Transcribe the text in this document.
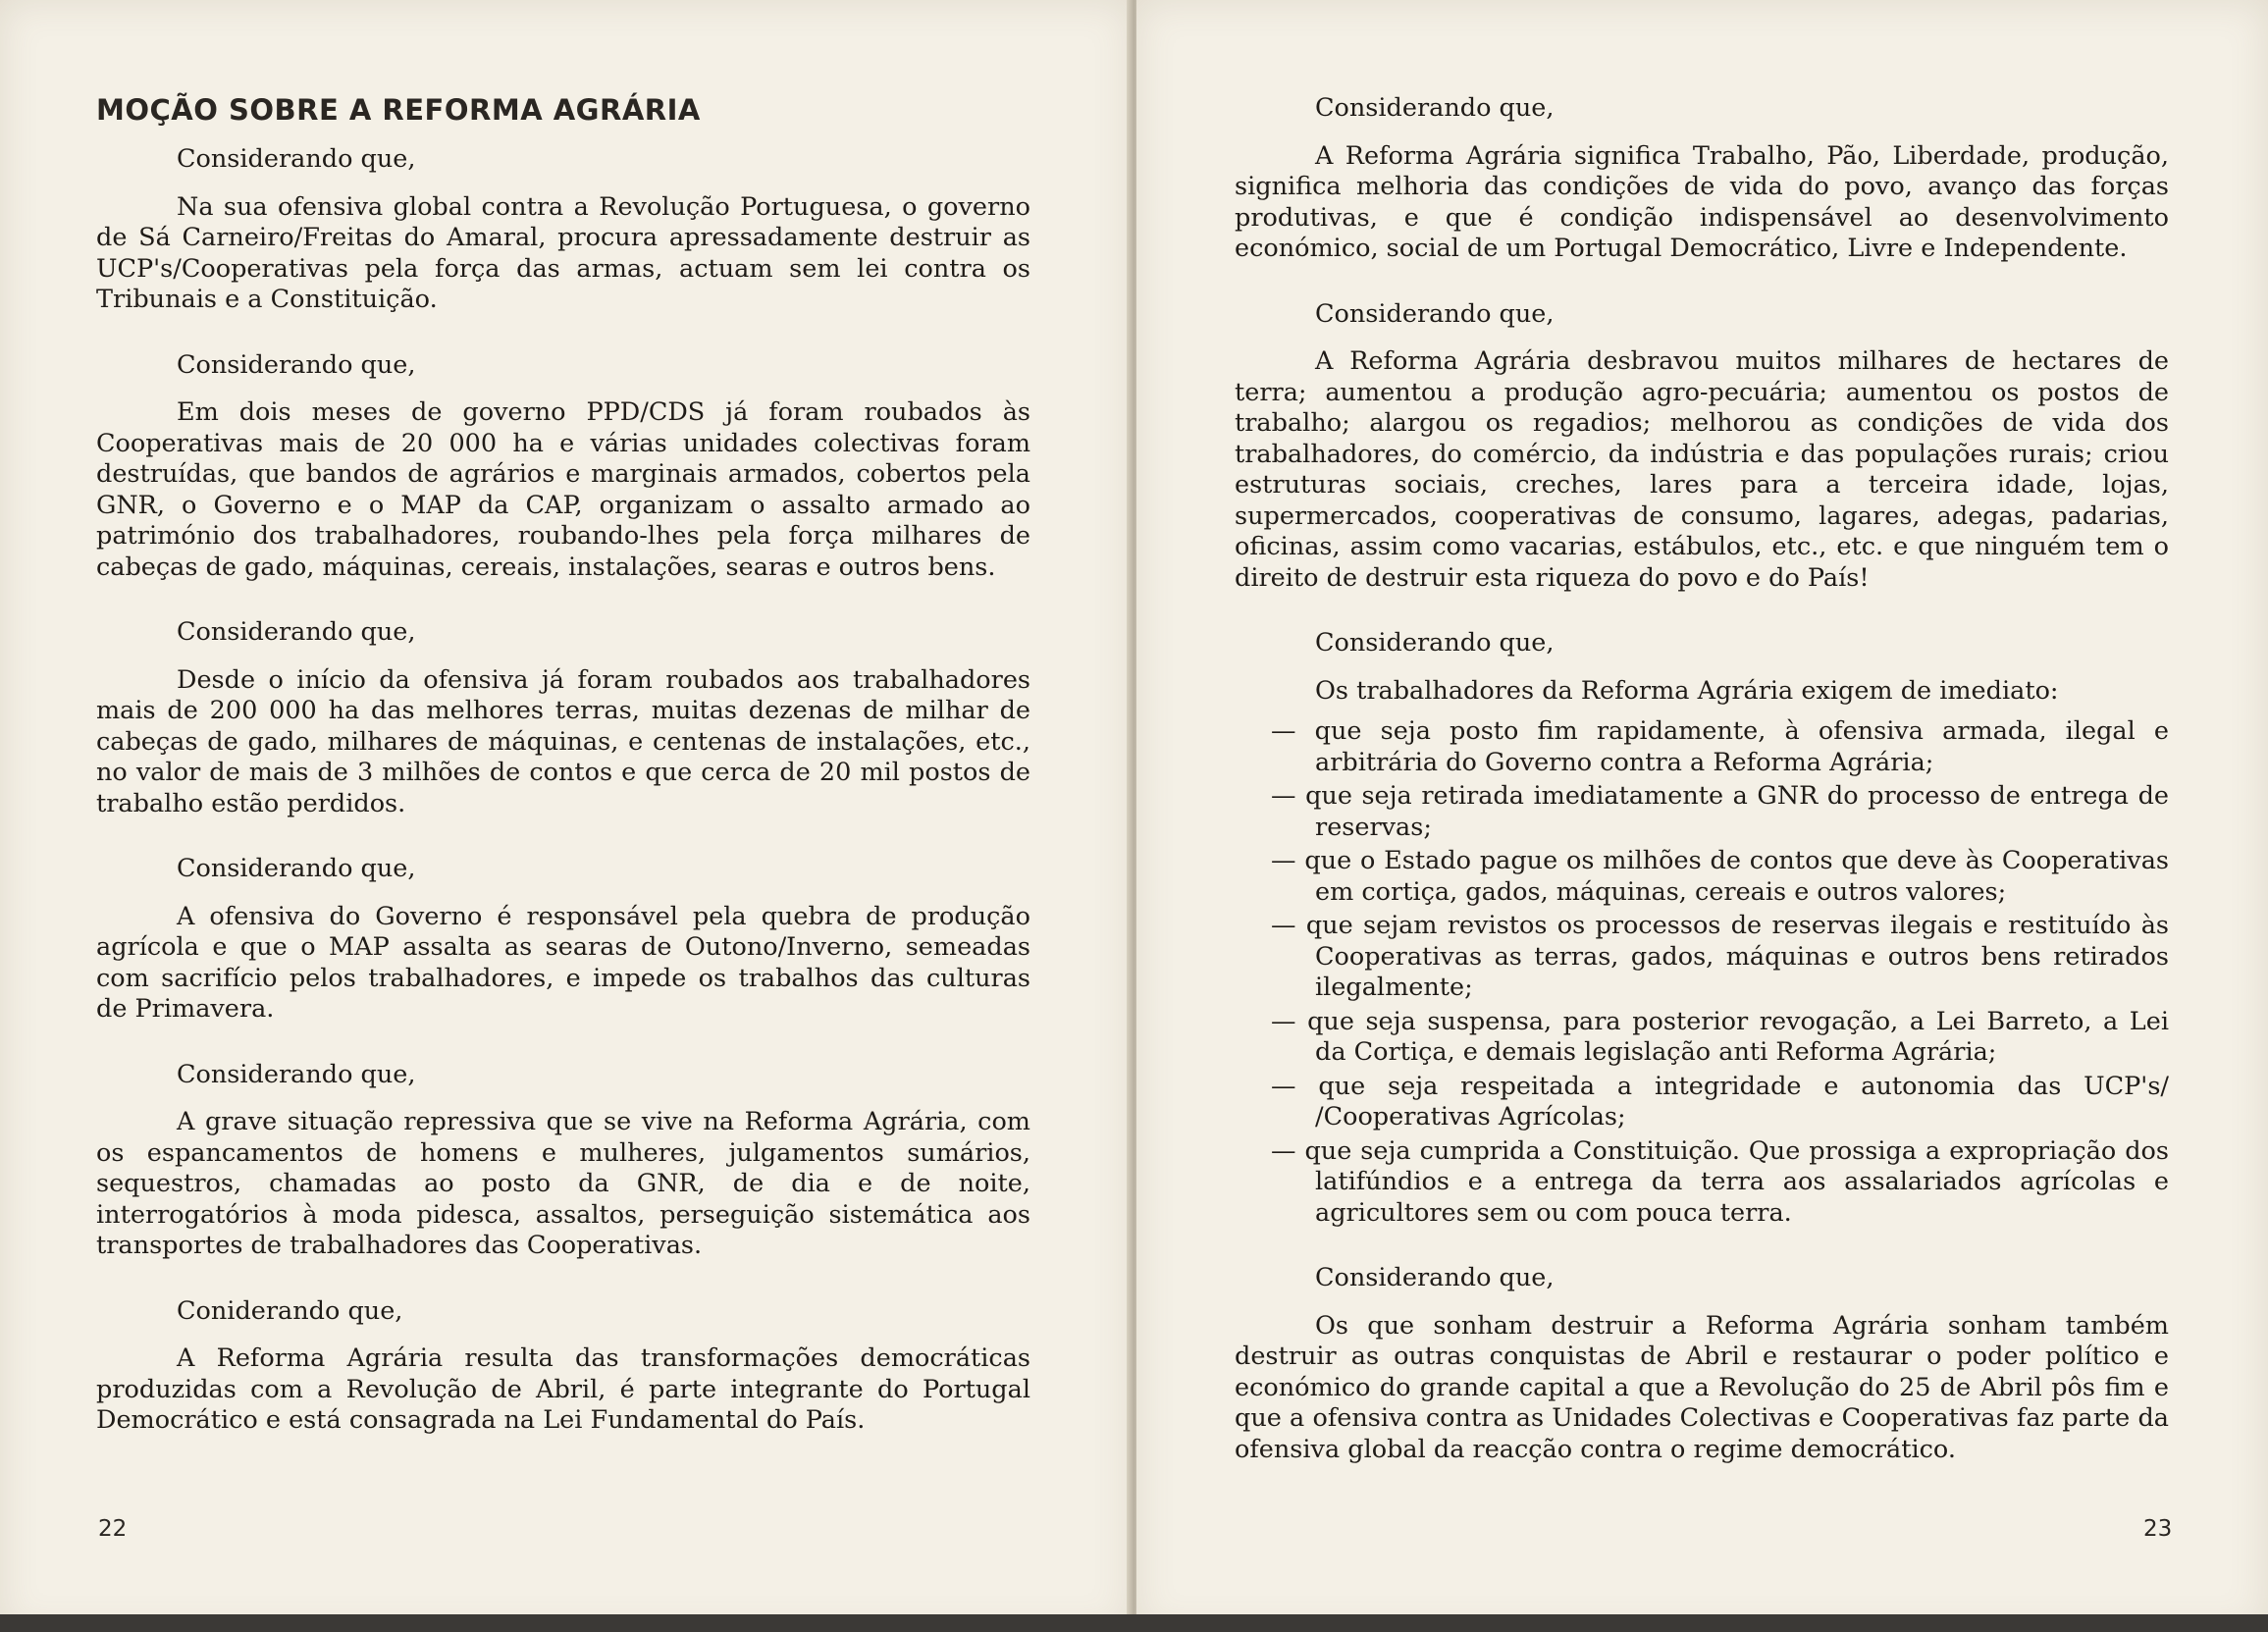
MOÇÃO SOBRE A REFORMA AGRÁRIA

Considerando que,

Na sua ofensiva global contra a Revolução Portuguesa, o governo de Sá Carneiro/Freitas do Amaral, procura apressadamente destruir as UCP's/Cooperativas pela força das armas, actuam sem lei contra os Tribunais e a Constituição.

Considerando que,

Em dois meses de governo PPD/CDS já foram roubados às Cooperativas mais de 20 000 ha e várias unidades colectivas foram destruídas, que bandos de agrários e marginais armados, cobertos pela GNR, o Governo e o MAP da CAP, organizam o assalto armado ao património dos trabalhadores, roubando-lhes pela força milhares de cabeças de gado, máquinas, cereais, instalações, searas e outros bens.

Considerando que,

Desde o início da ofensiva já foram roubados aos trabalhadores mais de 200 000 ha das melhores terras, muitas dezenas de milhar de cabeças de gado, milhares de máquinas, e centenas de instalações, etc., no valor de mais de 3 milhões de contos e que cerca de 20 mil postos de trabalho estão perdidos.

Considerando que,

A ofensiva do Governo é responsável pela quebra de produção agrícola e que o MAP assalta as searas de Outono/Inverno, semeadas com sacrifício pelos trabalhadores, e impede os trabalhos das culturas de Primavera.

Considerando que,

A grave situação repressiva que se vive na Reforma Agrária, com os espancamentos de homens e mulheres, julgamentos sumários, sequestros, chamadas ao posto da GNR, de dia e de noite, interrogatórios à moda pidesca, assaltos, perseguição sistemática aos transportes de trabalhadores das Cooperativas.

Coniderando que,

A Reforma Agrária resulta das transformações democráticas produzidas com a Revolução de Abril, é parte integrante do Portugal Democrático e está consagrada na Lei Fundamental do País.

22

Considerando que,

A Reforma Agrária significa Trabalho, Pão, Liberdade, produção, significa melhoria das condições de vida do povo, avanço das forças produtivas, e que é condição indispensável ao desenvolvimento económico, social de um Portugal Democrático, Livre e Independente.

Considerando que,

A Reforma Agrária desbravou muitos milhares de hectares de terra; aumentou a produção agro-pecuária; aumentou os postos de trabalho; alargou os regadios; melhorou as condições de vida dos trabalhadores, do comércio, da indústria e das populações rurais; criou estruturas sociais, creches, lares para a terceira idade, lojas, supermercados, cooperativas de consumo, lagares, adegas, padarias, oficinas, assim como vacarias, estábulos, etc., etc. e que ninguém tem o direito de destruir esta riqueza do povo e do País!

Considerando que,

Os trabalhadores da Reforma Agrária exigem de imediato:

— que seja posto fim rapidamente, à ofensiva armada, ilegal e arbitrária do Governo contra a Reforma Agrária;
— que seja retirada imediatamente a GNR do processo de entrega de reservas;
— que o Estado pague os milhões de contos que deve às Cooperativas em cortiça, gados, máquinas, cereais e outros valores;
— que sejam revistos os processos de reservas ilegais e restituído às Cooperativas as terras, gados, máquinas e outros bens retirados ilegalmente;
— que seja suspensa, para posterior revogação, a Lei Barreto, a Lei da Cortiça, e demais legislação anti Reforma Agrária;
— que seja respeitada a integridade e autonomia das UCP's/ /Cooperativas Agrícolas;
— que seja cumprida a Constituição. Que prossiga a expropriação dos latifúndios e a entrega da terra aos assalariados agrícolas e agricultores sem ou com pouca terra.

Considerando que,

Os que sonham destruir a Reforma Agrária sonham também destruir as outras conquistas de Abril e restaurar o poder político e económico do grande capital a que a Revolução do 25 de Abril pôs fim e que a ofensiva contra as Unidades Colectivas e Cooperativas faz parte da ofensiva global da reacção contra o regime democrático.

23
